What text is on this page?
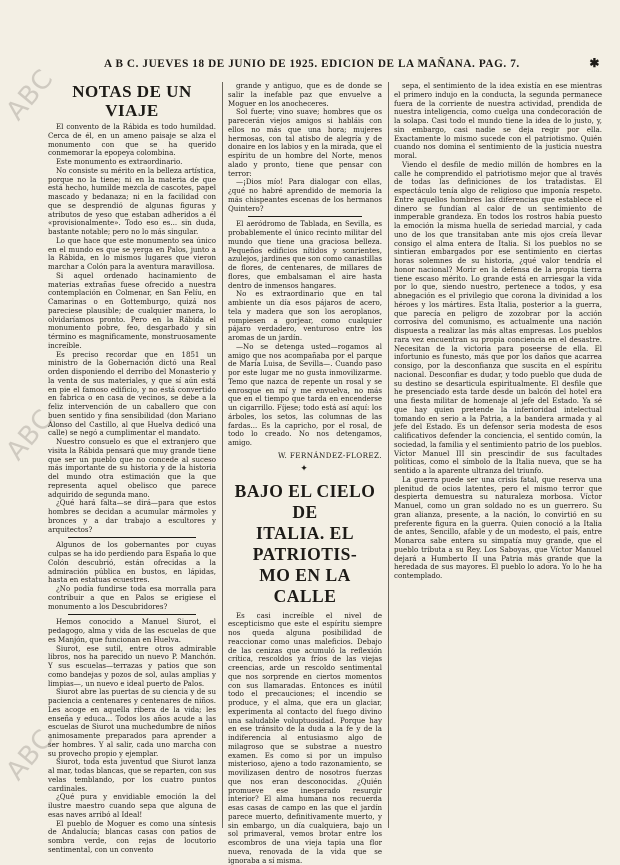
ABC
ABC
ABC
A B C. JUEVES 18 DE JUNIO DE 1925. EDICION DE LA MAÑANA. PAG. 7.	✱
NOTAS DE UN VIAJE

El convento de la Rábida es todo humildad. Cerca de él, en un ameno paisaje se alza el monumento con que se ha querido conmemorar la epopeya colombina.

Este monumento es extraordinario.

No consiste su mérito en la belleza artística, porque no la tiene; ni en la materia de que está hecho, humilde mezcla de cascotes, papel mascado y bedanaza; ni en la facilidad con que se desprendió de algunas figuras y atributos de yeso que estaban adheridos a él «provisionalmente». Todo eso es... sin duda, bastante notable; pero no lo más singular.

Lo que hace que este monumento sea único en el mundo es que se yerga en Palos, junto a la Rábida, en lo mismos lugares que vieron marchar a Colón para la aventura maravillosa.

Si aquel ordenado hacinamiento de materias extrañas fuese ofrecido a nuestra contemplación en Colmenar, en San Felíu, en Camarinas o en Gottemburgo, quizá nos pareciese plausible; de cualquier manera, lo olvidaríamos pronto. Pero en la Rábida el monumento pobre, feo, desgarbado y sin término es magnificamente, monstruosamente increíble.

Es preciso recordar que en 1851 un ministro de la Gobernación dictó una Real orden disponiendo el derribo del Monasterio y la venta de sus materiales, y que sí aún está en pie el famoso edificio, y no está convertido en fabrica o en casa de vecinos, se debe a la feliz intervención de un caballero que con buen sentido y fina sensibilidad (don Mariano Alonso del Castillo, al que Huelva dedicó una calle) se negó a cumplimentar el mandato.

Nuestro consuelo es que el extranjero que visita la Rábida pensará que muy grande tiene que ser un pueblo que no concede al suceso más importante de su historia y de la historia del mundo otra estimación que la que representa aquel obelisco que parece adquirido de segunda mano.

¿Qué hará falta—se dirá—para que estos hombres se decidan a acumular mármoles y bronces y a dar trabajo a escultores y arquitectos?

Algunos de los gobernantes por cuyas culpas se ha ido perdiendo para España lo que Colón descubrió, están ofrecidas a la admiración pública en bustos, en lápidas, hasta en estatuas ecuestres.

¿No podía fundirse toda esa morralla para contribuir a que en Palos se erigiese el monumento a los Descubridores?

Hemos conocido a Manuel Siurot, el pedagogo, alma y vida de las escuelas de que es Manjón, que funcionan en Huelva.

Siurot, ese sutil, entre otros admirable libros, nos ha parecido un nuevo P. Manchón. Y sus escuelas—terrazas y patios que son como bandejas y pozos de sol, aulas amplias y limpias—, un nuevo e ideal puerto de Palos.

Siurot abre las puertas de su ciencia y de su paciencia a centenares y centenares de niños. Les acoge en aquella ribera de la vida; les enseña y educa... Todos los años acude a las escuelas de Siurot una muchedumbre de niños animosamente preparados para aprender a ser hombres. Y al salir, cada uno marcha con su provecho propio y ejemplar.

Siurot, toda esta juventud que Siurot lanza al mar, todas blancas, que se reparten, con sus velas temblando, por los cuatro puntos cardinales.

¿Qué pura y envidiable emoción la del ilustre maestro cuando sepa que alguna de esas naves arribó al Ideal!

El pueblo de Moguer es como una síntesis de Andalucía; blancas casas con patios de sombra verde, con rejas de locutorio sentimental, con un convento

grande y antiguo, que es de donde se salir la inefable paz que envuelve a Moguer en los anocheceres.

Sol fuerte; vino suave; hombres que os parecerán viejos amigos si habláis con ellos no más que una hora; mujeres hermosas, con tal atisbo de alegría y de donaire en los labios y en la mirada, que el espíritu de un hombre del Norte, menos alado y pronto, tiene que pensar con terror:

—¡Dios mío! Para dialogar con ellas, ¿qué no habré aprendido de memoria la más chispeantes escenas de los hermanos Quintero?

El aeródromo de Tablada, en Sevilla, es probablemente el único recinto militar del mundo que tiene una graciosa belleza. Pequeños edificios nítidos y sonrientes, azulejos, jardines que son como canastillas de flores, de centenares, de millares de flores, que embalsaman el aire hasta dentro de inmensos hangares.

No es extraordinario que en tal ambiente un día esos pájaros de acero, tela y madera que son los aeroplanos, rompiesen a gorjear, como cualquier pájaro verdadero, venturoso entre los aromas de un jardín.

—No se detenga usted—rogamos al amigo que nos acompañaba por el parque de María Luisa, de Sevilla—. Cuando paso por este lugar me no gusta inmovilizarme. Temo que nazca de repente un rosal y se enrosque en mí y me envuelva, no más que en el tiempo que tarda en encenderse un cigarrillo. Fíjese; todo está así aquí: los árboles, los setos, las columnas de las fardas... Es la capricho, por el rosal, de todo lo creado. No nos detengamos, amigo.

W. FERNÁNDEZ-FLOREZ.
✦
BAJO EL CIELO DE
ITALIA. EL PATRIOTIS-
MO EN LA CALLE

Es casi increíble el nivel de escepticismo que este el espíritu siempre nos queda alguna posibilidad de reaccionar como unas maleficios. Debajo de las cenizas que acumuló la reflexión crítica, rescoldos ya fríos de las viejas creencias, arde un rescoldo sentimental que nos sorprende en ciertos momentos con sus llamaradas. Entonces es inútil todo el precauciones; el incendio se produce, y el alma, que era un glaciar, experimenta al contacto del fuego divino una saludable voluptuosidad. Porque hay en ese tránsito de la duda a la fe y de la indiferencia al entusiasmo algo de milagroso que se substrae a nuestro examen. Es como si por un impulso misterioso, ajeno a todo razonamiento, se movilizasen dentro de nosotros fuerzas que nos eran desconocidas. ¿Quién promueve ese inesperado resurgir interior? El alma humana nos recuerda esas casas de campo en las que el jardín parece muerto, definitivamente muerto, y sin embargo, un día cualquiera, bajo un sol primaveral, vemos brotar entre los escombros de una vieja tapia una flor nueva, renovada de la vida que se ignoraba a sí misma.

sepa, el sentimiento de la idea existía en ese mientras el primero indujo en la conducta, la segunda permanece fuera de la corriente de nuestra actividad, prendida de nuestra inteligencia, como cuelga una condecoración de la solapa. Casi todo el mundo tiene la idea de lo justo, y, sin embargo, casi nadie se deja regir por ella. Exactamente lo mismo sucede con el patriotismo. Quién cuando nos domina el sentimiento de la justicia nuestra moral.

Viendo el desfile de medio millón de hombres en la calle he comprendido el patriotismo mejor que al través de todas las definiciones de los tratadistas. El espectáculo tenía algo de religioso que imponía respeto. Entre aquellos hombres las diferencias que establece el dinero se fundían al calor de un sentimiento de inmperable grandeza. En todos los rostros había puesto la emoción la misma huella de seriedad marcial, y cada uno de los que transitaban ante mis ojos creía llevar consigo el alma entera de Italia. Si los pueblos no se sintieran embargados por ese sentimiento en ciertas horas solemnes de su historia, ¿qué valor tendría el honor nacional? Morir en la defensa de la propia tierra tiene escaso mérito. Lo grande está en arriesgar la vida por lo que, siendo nuestro, pertenece a todos, y esa abnegación es el privilegio que corona la divinidad a los héroes y los mártires. Esta Italia, posterior a la guerra, que parecía en peligro de zozobrar por la acción corrosiva del comunismo, es actualmente una nación dispuesta a realizar las más altas empresas. Los pueblos rara vez encuentran su propia conciencia en el desastre. Necesitan de la victoria para poseerse de ella. El infortunio es funesto, más que por los daños que acarrea consigo, por la desconfianza que suscita en el espíritu nacional. Desconfiar es dudar, y todo pueblo que duda de su destino se desarticula espiritualmente. El desfile que he presenciado esta tarde desde un balcón del hotel era una fiesta militar de homenaje al jefe del Estado. Ya sé que hay quien pretende la inferioridad intelectual tomando en serio a la Patria, a la bandera armada y al jefe del Estado. Es un defensor seria modesta de esos calificativos defender la conciencia, el sentido común, la sociedad, la familia y el sentimiento patrio de los pueblos. Víctor Manuel III sin prescindir de sus facultades políticas, como el símbolo de la Italia nueva, que se ha sentido a la aparente ultranza del triunfo.

La guerra puede ser una crisis fatal, que reserva una plenitud de ocios latentes, pero el mismo terror que despierta demuestra su naturaleza morbosa. Víctor Manuel, como un gran soldado no es un guerrero. Su gran alianza, presente, a la nación, lo convirtió en su preferente figura en la guerra. Quien conoció a la Italia de antes, Sencillo, afable y de un modesto, el país, entre Monarca sabe entera su simpatía muy grande, que el pueblo tributa a su Rey. Los Saboyas, que Víctor Manuel dejará a Humberto II una Patria más grande que la heredada de sus mayores. El pueblo lo adora. Yo lo he ha contemplado.
